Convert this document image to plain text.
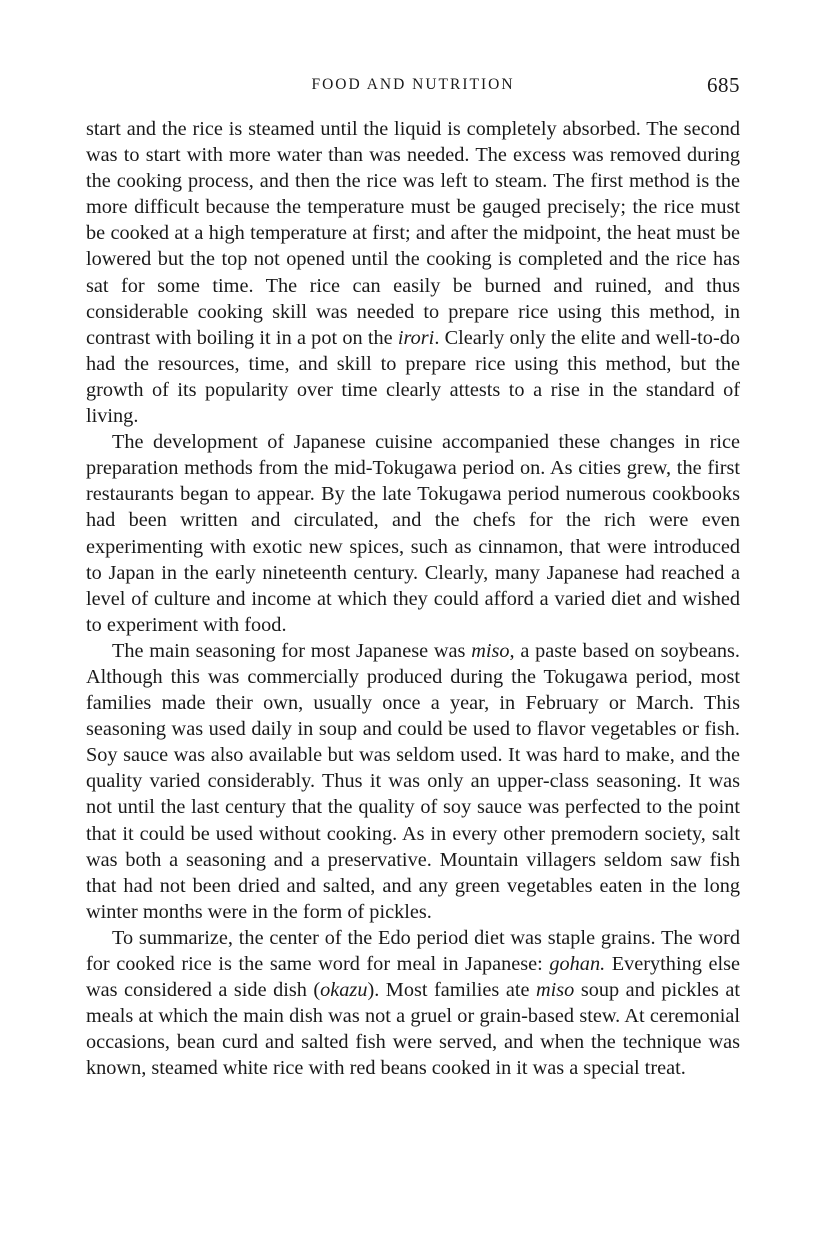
FOOD AND NUTRITION	685

start and the rice is steamed until the liquid is completely absorbed. The second was to start with more water than was needed. The excess was removed during the cooking process, and then the rice was left to steam. The first method is the more difficult because the temperature must be gauged precisely; the rice must be cooked at a high temperature at first; and after the midpoint, the heat must be lowered but the top not opened until the cooking is completed and the rice has sat for some time. The rice can easily be burned and ruined, and thus considerable cooking skill was needed to prepare rice using this method, in contrast with boiling it in a pot on the irori. Clearly only the elite and well-to-do had the resources, time, and skill to prepare rice using this method, but the growth of its popularity over time clearly attests to a rise in the standard of living.

The development of Japanese cuisine accompanied these changes in rice preparation methods from the mid-Tokugawa period on. As cities grew, the first restaurants began to appear. By the late Tokugawa period numerous cookbooks had been written and circulated, and the chefs for the rich were even experimenting with exotic new spices, such as cinnamon, that were introduced to Japan in the early nineteenth century. Clearly, many Japanese had reached a level of culture and income at which they could afford a varied diet and wished to experiment with food.

The main seasoning for most Japanese was miso, a paste based on soybeans. Although this was commercially produced during the Tokugawa period, most families made their own, usually once a year, in February or March. This seasoning was used daily in soup and could be used to flavor vegetables or fish. Soy sauce was also available but was seldom used. It was hard to make, and the quality varied considerably. Thus it was only an upper-class seasoning. It was not until the last century that the quality of soy sauce was perfected to the point that it could be used without cooking. As in every other premodern society, salt was both a seasoning and a preservative. Mountain villagers seldom saw fish that had not been dried and salted, and any green vegetables eaten in the long winter months were in the form of pickles.

To summarize, the center of the Edo period diet was staple grains. The word for cooked rice is the same word for meal in Japanese: gohan. Everything else was considered a side dish (okazu). Most families ate miso soup and pickles at meals at which the main dish was not a gruel or grain-based stew. At ceremonial occasions, bean curd and salted fish were served, and when the technique was known, steamed white rice with red beans cooked in it was a special treat.
